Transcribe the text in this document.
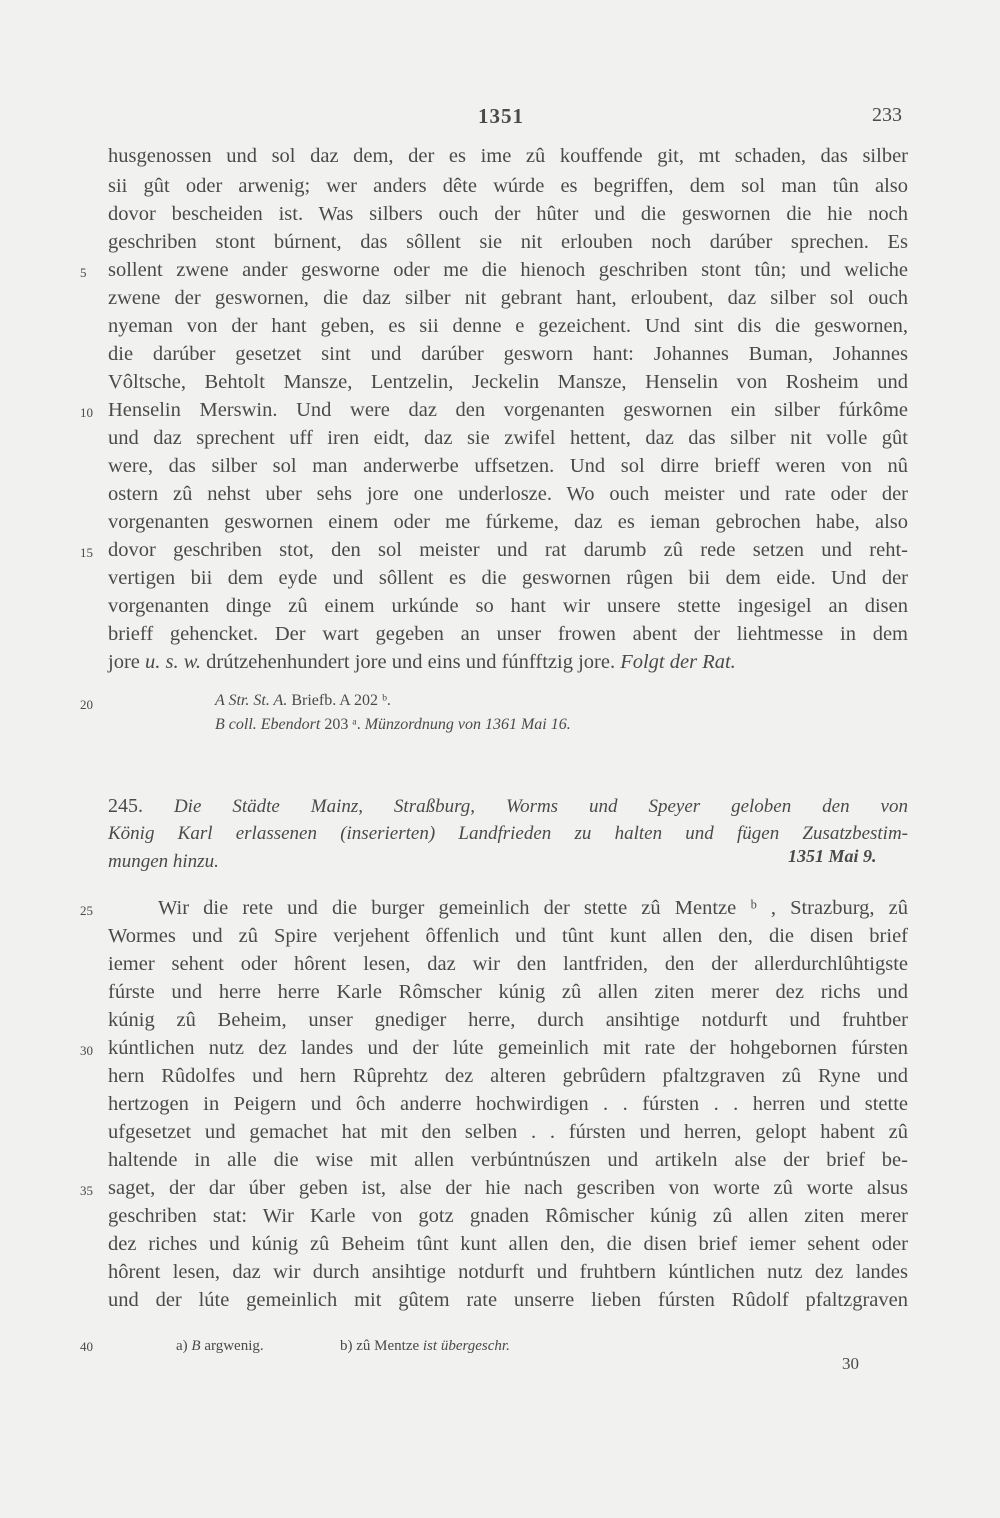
1351	233
husgenossen und sol daz dem, der es ime zû kouffende git, mt schaden, das silber
sii gût oder arwenig; wer anders dête wúrde es begriffen, dem sol man tûn also
dovor bescheiden ist. Was silbers ouch der hûter und die geswornen die hie noch
geschriben stont búrnent, das sôllent sie nit erlouben noch darúber sprechen. Es
sollent zwene ander gesworne oder me die hienoch geschriben stont tûn; und weliche
zwene der geswornen, die daz silber nit gebrant hant, erloubent, daz silber sol ouch
nyeman von der hant geben, es sii denne e gezeichent. Und sint dis die geswornen,
die darúber gesetzet sint und darúber gesworn hant: Johannes Buman, Johannes
Vôltsche, Behtolt Mansze, Lentzelin, Jeckelin Mansze, Henselin von Rosheim und
Henselin Merswin. Und were daz den vorgenanten geswornen ein silber fúrkôme
und daz sprechent uff iren eidt, daz sie zwifel hettent, daz das silber nit volle gût
were, das silber sol man anderwerbe uffsetzen. Und sol dirre brieff weren von nû
ostern zû nehst uber sehs jore one underlosze. Wo ouch meister und rate oder der
vorgenanten geswornen einem oder me fúrkeme, daz es ieman gebrochen habe, also
dovor geschriben stot, den sol meister und rat darumb zû rede setzen und reht-
vertigen bii dem eyde und sôllent es die geswornen rûgen bii dem eide. Und der
vorgenanten dinge zû einem urkúnde so hant wir unsere stette ingesigel an disen
brieff gehencket. Der wart gegeben an unser frowen abent der liehtmesse in dem
jore u. s. w. drútzehenhundert jore und eins und fúnfftzig jore. Folgt der Rat.
A Str. St. A. Briefb. A 202 ᵇ.
B coll. Ebendort 203 ᵃ. Münzordnung von 1361 Mai 16.
245. Die Städte Mainz, Straßburg, Worms und Speyer geloben den von
König Karl erlassenen (inserierten) Landfrieden zu halten und fügen Zusatzbestim-
mungen hinzu.	1351 Mai 9.
Wir die rete und die burger gemeinlich der stette zû Mentze ᵇ , Strazburg, zû
Wormes und zû Spire verjehent ôffenlich und tûnt kunt allen den, die disen brief
iemer sehent oder hôrent lesen, daz wir den lantfriden, den der allerdurchlûhtigste
fúrste und herre herre Karle Rômscher kúnig zû allen ziten merer dez richs und
kúnig zû Beheim, unser gnediger herre, durch ansihtige notdurft und fruhtber
kúntlichen nutz dez landes und der lúte gemeinlich mit rate der hohgebornen fúrsten
hern Rûdolfes und hern Rûprehtz dez alteren gebrûdern pfaltzgraven zû Ryne und
hertzogen in Peigern und ôch anderre hochwirdigen . . fúrsten . . herren und stette
ufgesetzet und gemachet hat mit den selben . . fúrsten und herren, gelopt habent zû
haltende in alle die wise mit allen verbúntnúszen und artikeln alse der brief be-
saget, der dar úber geben ist, alse der hie nach gescriben von worte zû worte alsus
geschriben stat: Wir Karle von gotz gnaden Rômischer kúnig zû allen ziten merer
dez riches und kúnig zû Beheim tûnt kunt allen den, die disen brief iemer sehent oder
hôrent lesen, daz wir durch ansihtige notdurft und fruhtbern kúntlichen nutz dez landes
und der lúte gemeinlich mit gûtem rate unserre lieben fúrsten Rûdolf pfaltzgraven
5
10
15
20
25
30
35
40	a) B argwenig.	b) zû Mentze ist übergeschr.
30
